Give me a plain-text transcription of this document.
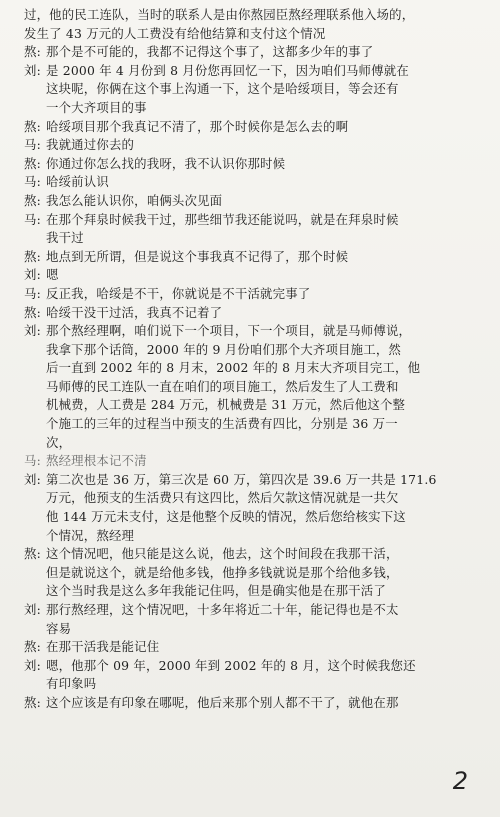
过，他的民工连队，当时的联系人是由你熬园臣熬经理联系他入场的，
发生了 43 万元的人工费没有给他结算和支付这个情况
熬: 那个是不可能的，我都不记得这个事了，这都多少年的事了
刘: 是 2000 年 4 月份到 8 月份您再回忆一下，因为咱们马师傅就在
这块呢，你俩在这个事上沟通一下，这个是哈绥项目，等会还有
一个大齐项目的事
熬: 哈绥项目那个我真记不清了，那个时候你是怎么去的啊
马: 我就通过你去的
熬: 你通过你怎么找的我呀，我不认识你那时候
马: 哈绥前认识
熬: 我怎么能认识你，咱俩头次见面
马: 在那个拜泉时候我干过，那些细节我还能说吗，就是在拜泉时候
我干过
熬: 地点到无所谓，但是说这个事我真不记得了，那个时候
刘: 嗯
马: 反正我，哈绥是不干，你就说是不干活就完事了
熬: 哈绥干没干过活，我真不记着了
刘: 那个熬经理啊，咱们说下一个项目，下一个项目，就是马师傅说，
我拿下那个话筒，2000 年的 9 月份咱们那个大齐项目施工，然
后一直到 2002 年的 8 月末，2002 年的 8 月末大齐项目完工，他
马师傅的民工连队一直在咱们的项目施工，然后发生了人工费和
机械费，人工费是 284 万元，机械费是 31 万元，然后他这个整
个施工的三年的过程当中预支的生活费有四比，分别是 36 万一
次，
马: 熬经理根本记不清
刘: 第二次也是 36 万，第三次是 60 万，第四次是 39.6 万一共是 171.6
万元，他预支的生活费只有这四比，然后欠款这情况就是一共欠
他 144 万元未支付，这是他整个反映的情况，然后您给核实下这
个情况，熬经理
熬: 这个情况吧，他只能是这么说，他去，这个时间段在我那干活，
但是就说这个，就是给他多钱，他挣多钱就说是那个给他多钱，
这个当时我是这么多年我能记住吗，但是确实他是在那干活了
刘: 那行熬经理，这个情况吧，十多年将近二十年，能记得也是不太
容易
熬: 在那干活我是能记住
刘: 嗯，他那个 09 年，2000 年到 2002 年的 8 月，这个时候我您还
有印象吗
熬: 这个应该是有印象在哪呢，他后来那个别人都不干了，就他在那
2
